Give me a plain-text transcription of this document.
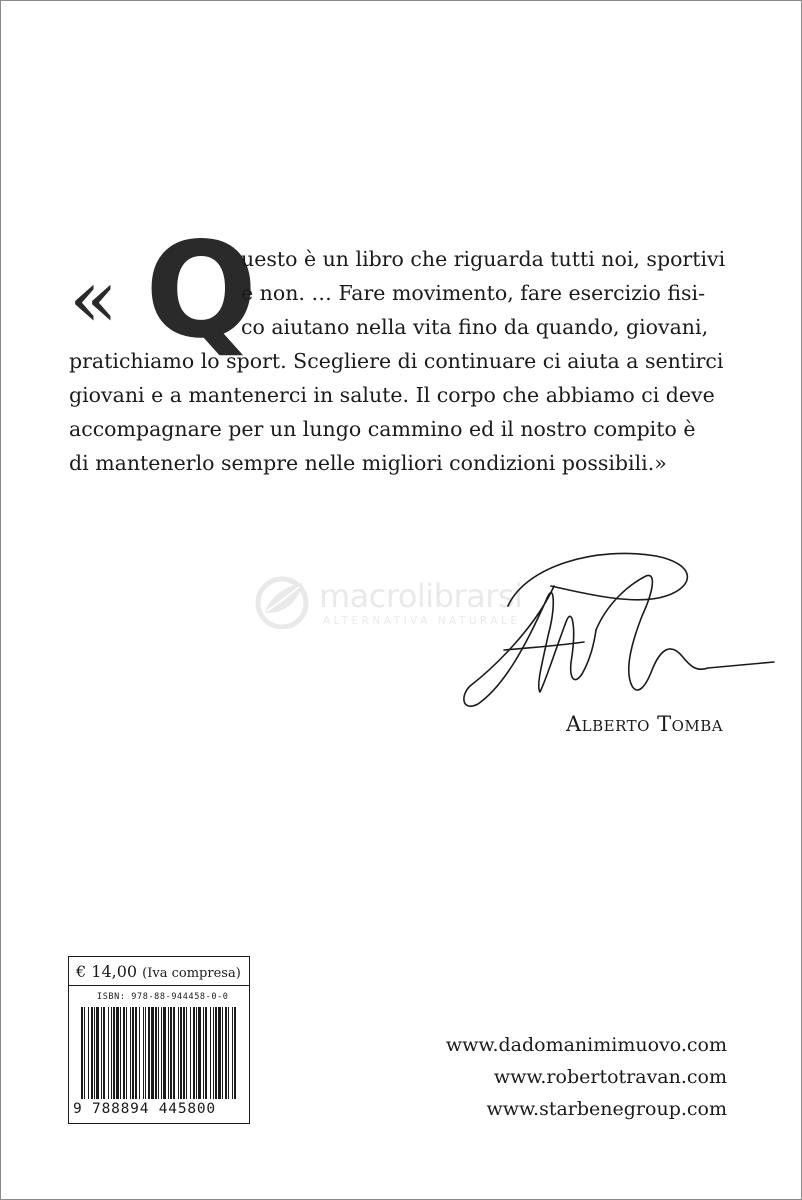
« Q
uesto è un libro che riguarda tutti noi, sportivi
e non. … Fare movimento, fare esercizio fisi-
co aiutano nella vita fino da quando, giovani,
pratichiamo lo sport. Scegliere di continuare ci aiuta a sentirci
giovani e a mantenerci in salute. Il corpo che abbiamo ci deve
accompagnare per un lungo cammino ed il nostro compito è
di mantenerlo sempre nelle migliori condizioni possibili.»
macrolibrarsi
ALTERNATIVA NATURALE
Alberto Tomba
€ 14,00 (Iva compresa)
ISBN: 978-88-944458-0-0
9 788894 445800
www.dadomanimimuovo.com
www.robertotravan.com
www.starbenegroup.com
